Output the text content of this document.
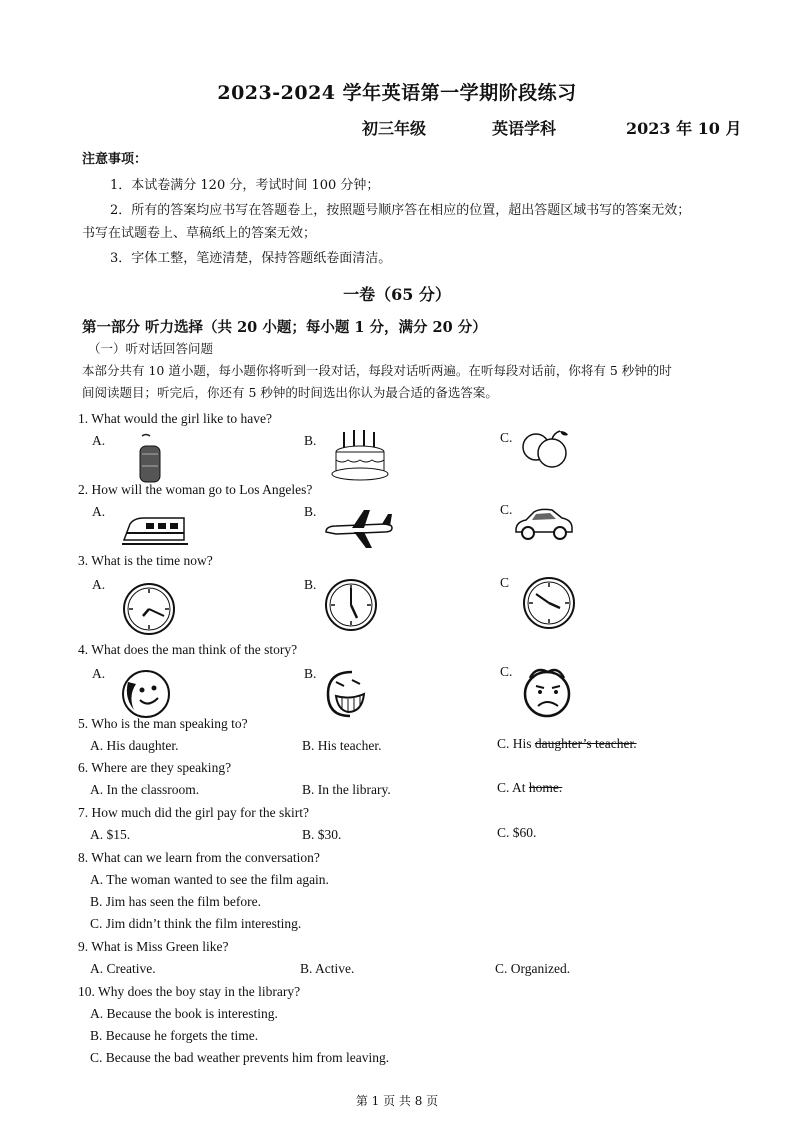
2023-2024 学年英语第一学期阶段练习
初三年级	英语学科	2023 年 10 月
注意事项：
1．本试卷满分 120 分，考试时间 100 分钟；
2．所有的答案均应书写在答题卷上，按照题号顺序答在相应的位置，超出答题区域书写的答案无效；
书写在试题卷上、草稿纸上的答案无效；
3．字体工整，笔迹清楚，保持答题纸卷面清洁。
一卷（65 分）
第一部分 听力选择（共 20 小题；每小题 1 分，满分 20 分）
（一）听对话回答问题
本部分共有 10 道小题，每小题你将听到一段对话，每段对话听两遍。在听每段对话前，你将有 5 秒钟的时
间阅读题目；听完后，你还有 5 秒钟的时间选出你认为最合适的备选答案。
1. What would the girl like to have?
A.	B.	C.
2. How will the woman go to Los Angeles?
A.	B.	C.
3. What is the time now?
A.	B.	C
4. What does the man think of the story?
A.	B.	C.
5. Who is the man speaking to?
A. His daughter.	B. His teacher.	C. His daughter’s teacher.
6. Where are they speaking?
A. In the classroom.	B. In the library.	C. At home.
7. How much did the girl pay for the skirt?
A. $15.	B. $30.	C. $60.
8. What can we learn from the conversation?
A. The woman wanted to see the film again.
B. Jim has seen the film before.
C. Jim didn’t think the film interesting.
9. What is Miss Green like?
A. Creative.	B. Active.	C. Organized.
10. Why does the boy stay in the library?
A. Because the book is interesting.
B. Because he forgets the time.
C. Because the bad weather prevents him from leaving.
第 1 页 共 8 页
